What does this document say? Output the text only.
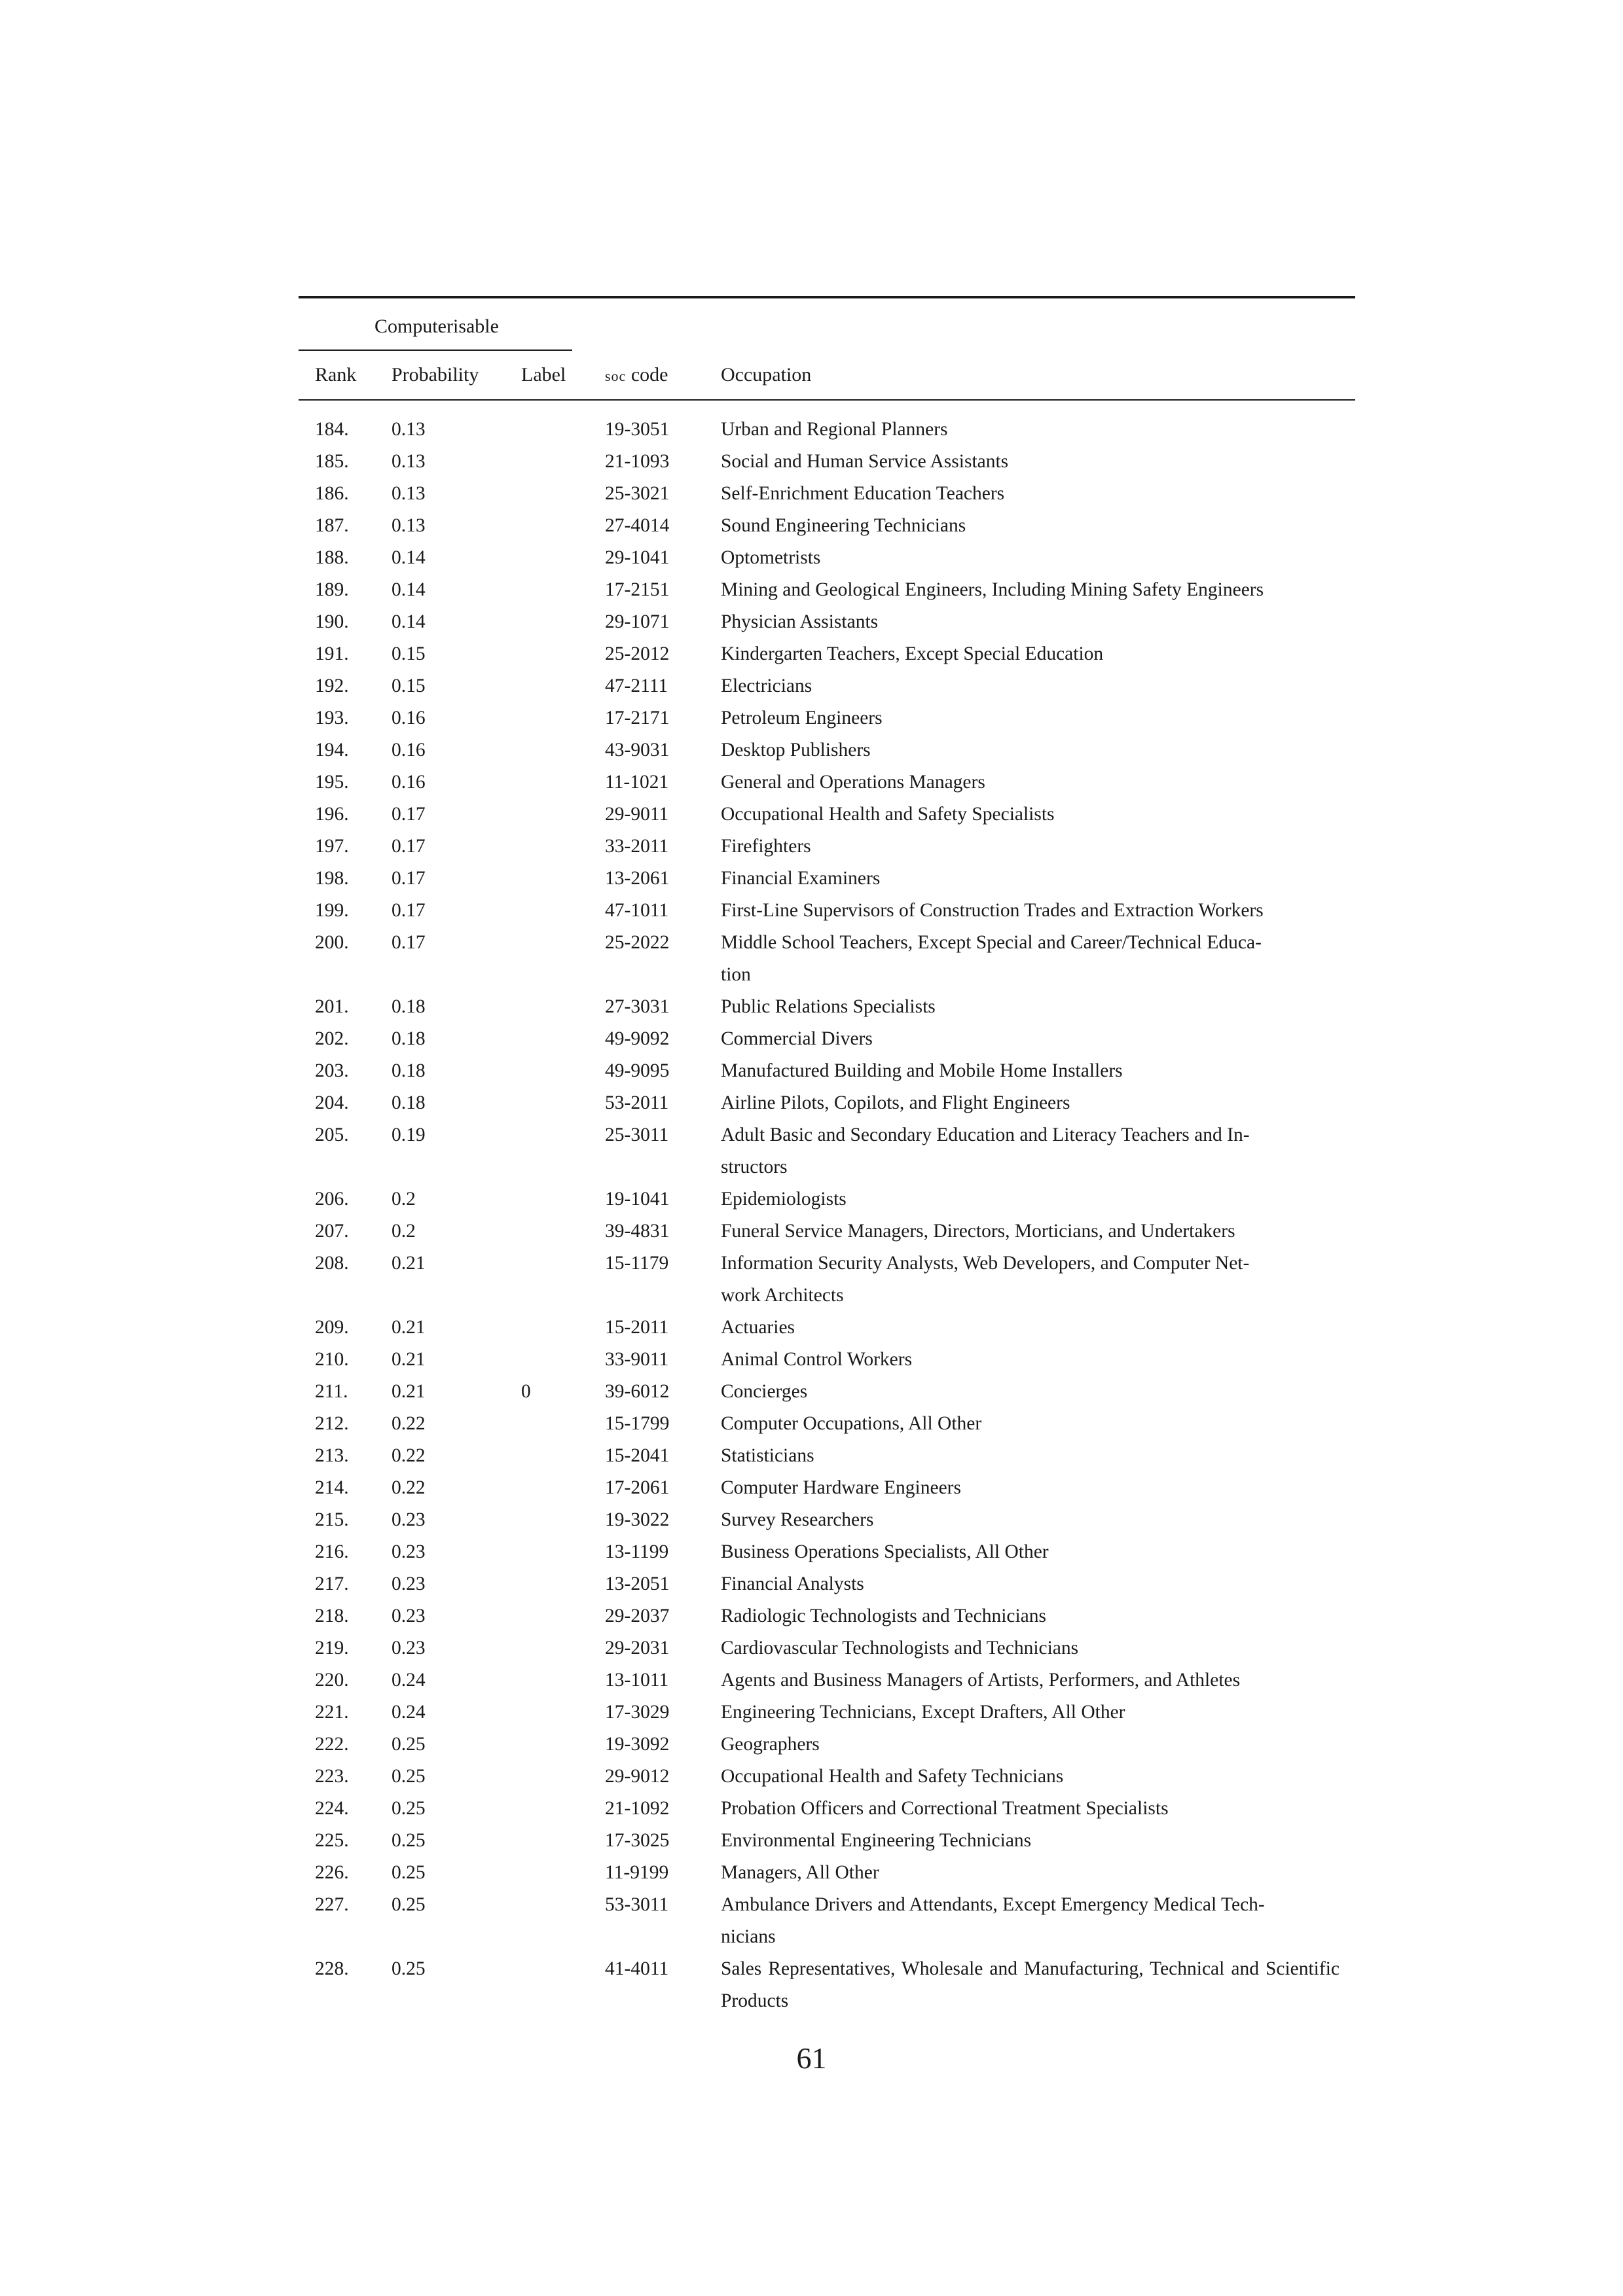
Computerisable
Rank Probability Label	soc code	Occupation
184. 0.13	19-3051	Urban and Regional Planners
185. 0.13	21-1093	Social and Human Service Assistants
186. 0.13	25-3021	Self-Enrichment Education Teachers
187. 0.13	27-4014	Sound Engineering Technicians
188. 0.14	29-1041	Optometrists
189. 0.14	17-2151	Mining and Geological Engineers, Including Mining Safety Engineers
190. 0.14	29-1071	Physician Assistants
191. 0.15	25-2012	Kindergarten Teachers, Except Special Education
192. 0.15	47-2111	Electricians
193. 0.16	17-2171	Petroleum Engineers
194. 0.16	43-9031	Desktop Publishers
195. 0.16	11-1021	General and Operations Managers
196. 0.17	29-9011	Occupational Health and Safety Specialists
197. 0.17	33-2011	Firefighters
198. 0.17	13-2061	Financial Examiners
199. 0.17	47-1011	First-Line Supervisors of Construction Trades and Extraction Workers
200. 0.17	25-2022	Middle School Teachers, Except Special and Career/Technical Educa-
tion
201. 0.18	27-3031	Public Relations Specialists
202. 0.18	49-9092	Commercial Divers
203. 0.18	49-9095	Manufactured Building and Mobile Home Installers
204. 0.18	53-2011	Airline Pilots, Copilots, and Flight Engineers
205. 0.19	25-3011	Adult Basic and Secondary Education and Literacy Teachers and In-
structors
206. 0.2	19-1041	Epidemiologists
207. 0.2	39-4831	Funeral Service Managers, Directors, Morticians, and Undertakers
208. 0.21	15-1179	Information Security Analysts, Web Developers, and Computer Net-
work Architects
209. 0.21	15-2011	Actuaries
210. 0.21	33-9011	Animal Control Workers
211. 0.21	0	39-6012	Concierges
212. 0.22	15-1799	Computer Occupations, All Other
213. 0.22	15-2041	Statisticians
214. 0.22	17-2061	Computer Hardware Engineers
215. 0.23	19-3022	Survey Researchers
216. 0.23	13-1199	Business Operations Specialists, All Other
217. 0.23	13-2051	Financial Analysts
218. 0.23	29-2037	Radiologic Technologists and Technicians
219. 0.23	29-2031	Cardiovascular Technologists and Technicians
220. 0.24	13-1011	Agents and Business Managers of Artists, Performers, and Athletes
221. 0.24	17-3029	Engineering Technicians, Except Drafters, All Other
222. 0.25	19-3092	Geographers
223. 0.25	29-9012	Occupational Health and Safety Technicians
224. 0.25	21-1092	Probation Officers and Correctional Treatment Specialists
225. 0.25	17-3025	Environmental Engineering Technicians
226. 0.25	11-9199	Managers, All Other
227. 0.25	53-3011	Ambulance Drivers and Attendants, Except Emergency Medical Tech-
nicians
228. 0.25	41-4011	Sales Representatives, Wholesale and Manufacturing, Technical and Scientific Products
61
